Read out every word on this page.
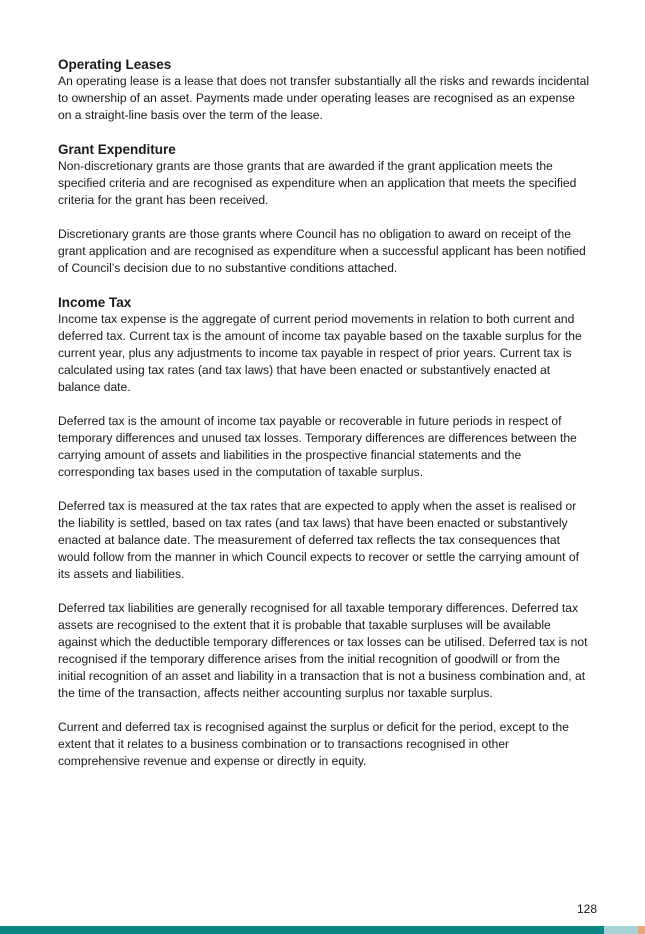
Operating Leases

An operating lease is a lease that does not transfer substantially all the risks and rewards incidental to ownership of an asset. Payments made under operating leases are recognised as an expense on a straight-line basis over the term of the lease.

Grant Expenditure

Non-discretionary grants are those grants that are awarded if the grant application meets the specified criteria and are recognised as expenditure when an application that meets the specified criteria for the grant has been received.

Discretionary grants are those grants where Council has no obligation to award on receipt of the grant application and are recognised as expenditure when a successful applicant has been notified of Council’s decision due to no substantive conditions attached.

Income Tax

Income tax expense is the aggregate of current period movements in relation to both current and deferred tax. Current tax is the amount of income tax payable based on the taxable surplus for the current year, plus any adjustments to income tax payable in respect of prior years. Current tax is calculated using tax rates (and tax laws) that have been enacted or substantively enacted at balance date.

Deferred tax is the amount of income tax payable or recoverable in future periods in respect of temporary differences and unused tax losses. Temporary differences are differences between the carrying amount of assets and liabilities in the prospective financial statements and the corresponding tax bases used in the computation of taxable surplus.

Deferred tax is measured at the tax rates that are expected to apply when the asset is realised or the liability is settled, based on tax rates (and tax laws) that have been enacted or substantively enacted at balance date. The measurement of deferred tax reflects the tax consequences that would follow from the manner in which Council expects to recover or settle the carrying amount of its assets and liabilities.

Deferred tax liabilities are generally recognised for all taxable temporary differences. Deferred tax assets are recognised to the extent that it is probable that taxable surpluses will be available against which the deductible temporary differences or tax losses can be utilised. Deferred tax is not recognised if the temporary difference arises from the initial recognition of goodwill or from the initial recognition of an asset and liability in a transaction that is not a business combination and, at the time of the transaction, affects neither accounting surplus nor taxable surplus.

Current and deferred tax is recognised against the surplus or deficit for the period, except to the extent that it relates to a business combination or to transactions recognised in other comprehensive revenue and expense or directly in equity.

128
